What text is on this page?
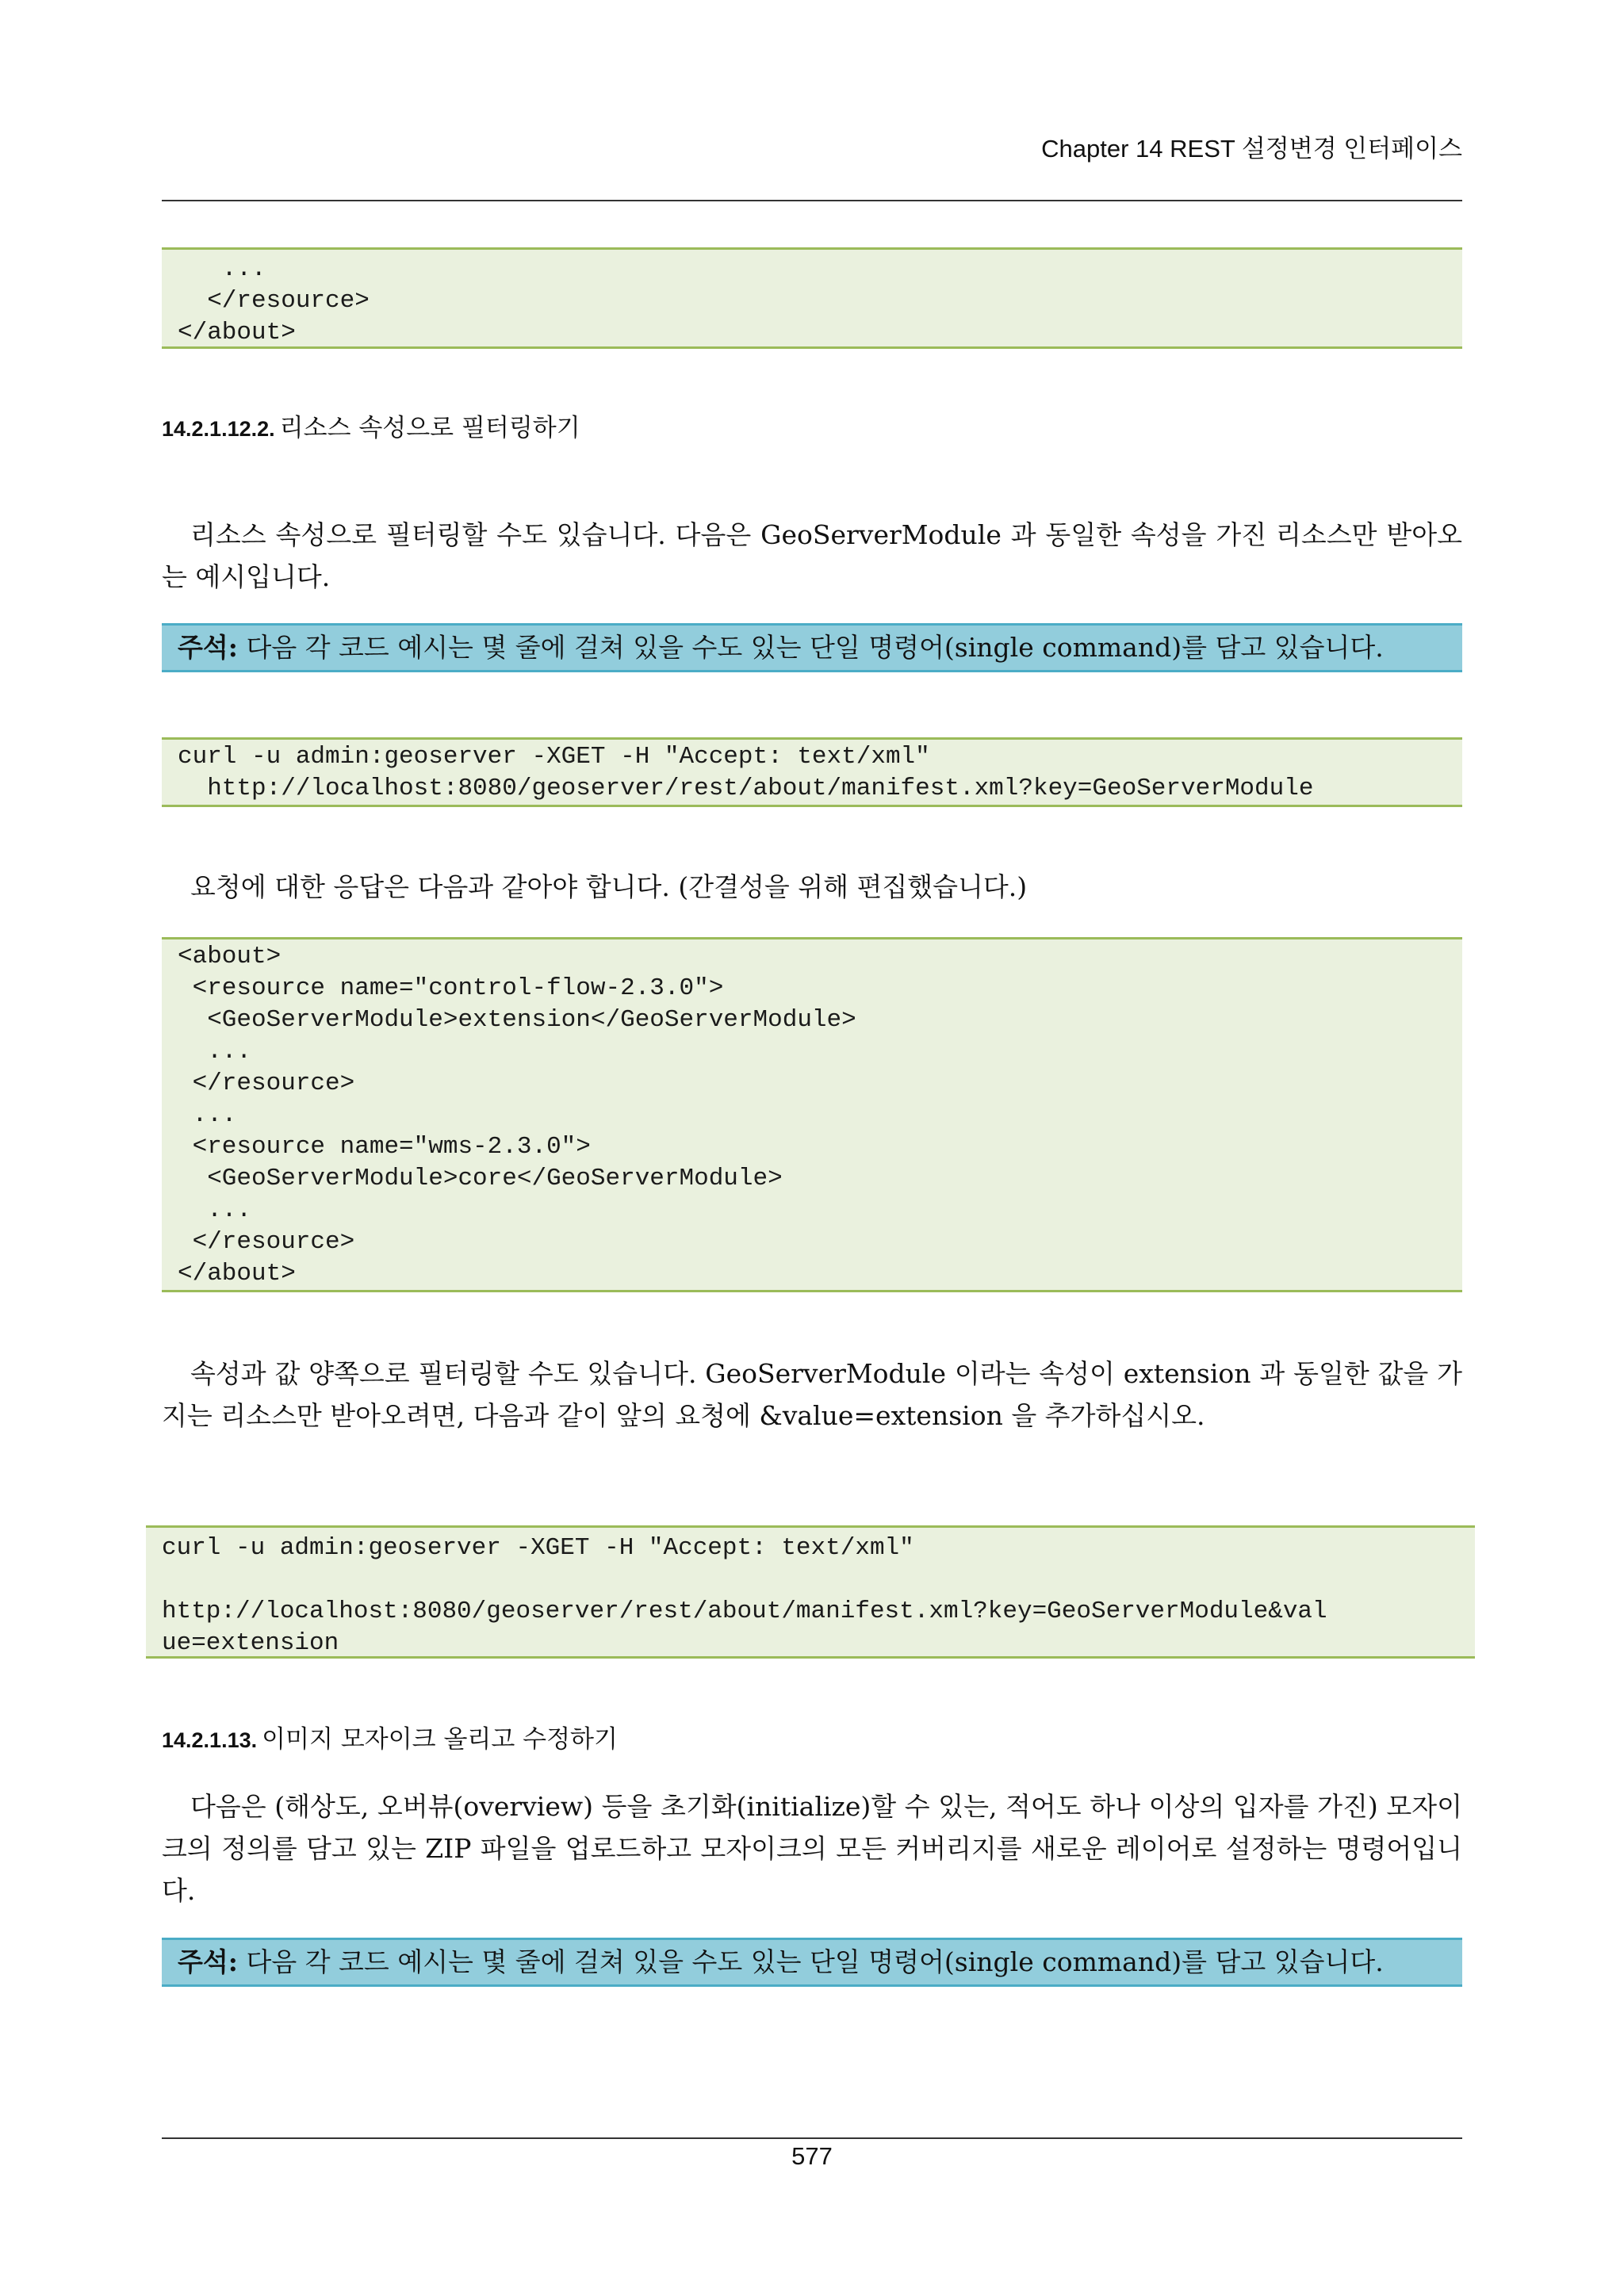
Chapter 14 REST 설정변경 인터페이스
...
</resource>
</about>
14.2.1.12.2. 리소스 속성으로 필터링하기

리소스 속성으로 필터링할 수도 있습니다. 다음은 GeoServerModule 과 동일한 속성을 가진 리소스만 받아오는 예시입니다.

주석: 다음 각 코드 예시는 몇 줄에 걸쳐 있을 수도 있는 단일 명령어(single command)를 담고 있습니다.
curl -u admin:geoserver -XGET -H "Accept: text/xml"
http://localhost:8080/geoserver/rest/about/manifest.xml?key=GeoServerModule

요청에 대한 응답은 다음과 같아야 합니다. (간결성을 위해 편집했습니다.)

<about>
<resource name="control-flow-2.3.0">
<GeoServerModule>extension</GeoServerModule>
...
</resource>
...
<resource name="wms-2.3.0">
<GeoServerModule>core</GeoServerModule>
...
</resource>
</about>

속성과 값 양쪽으로 필터링할 수도 있습니다. GeoServerModule 이라는 속성이 extension 과 동일한 값을 가지는 리소스만 받아오려면, 다음과 같이 앞의 요청에 &value=extension 을 추가하십시오.

curl -u admin:geoserver -XGET -H "Accept: text/xml"
http://localhost:8080/geoserver/rest/about/manifest.xml?key=GeoServerModule&val
ue=extension
14.2.1.13. 이미지 모자이크 올리고 수정하기

다음은 (해상도, 오버뷰(overview) 등을 초기화(initialize)할 수 있는, 적어도 하나 이상의 입자를 가진) 모자이크의 정의를 담고 있는 ZIP 파일을 업로드하고 모자이크의 모든 커버리지를 새로운 레이어로 설정하는 명령어입니다.

주석: 다음 각 코드 예시는 몇 줄에 걸쳐 있을 수도 있는 단일 명령어(single command)를 담고 있습니다.
577
